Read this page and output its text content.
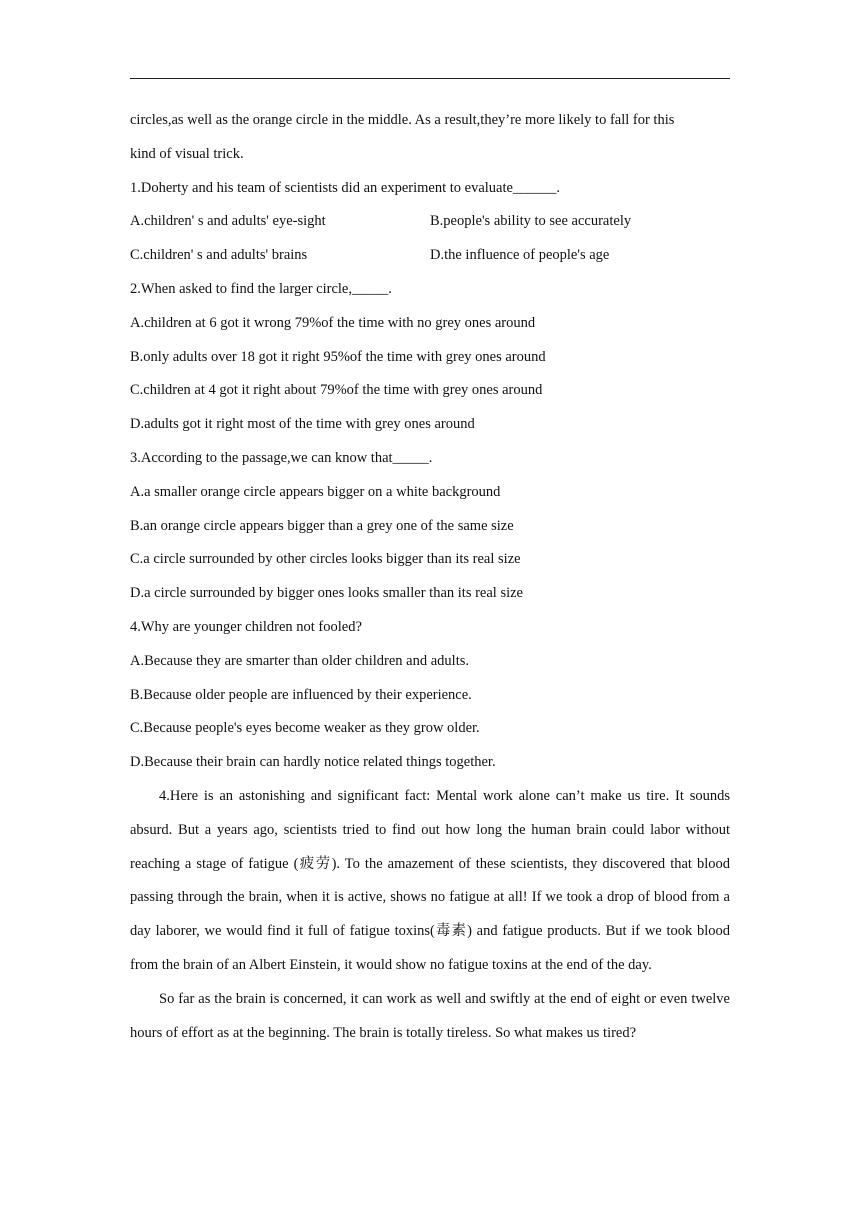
circles,as well as the orange circle in the middle. As a result,they’re more likely to fall for this
kind of visual trick.
1.Doherty and his team of scientists did an experiment to evaluate______.
A.children' s and adults' eye-sight	B.people's ability to see accurately
C.children' s and adults' brains	D.the influence of people's age
2.When asked to find the larger circle,_____.
A.children at 6 got it wrong 79%of the time with no grey ones around
B.only adults over 18 got it right 95%of the time with grey ones around
C.children at 4 got it right about 79%of the time with grey ones around
D.adults got it right most of the time with grey ones around
3.According to the passage,we can know that_____.
A.a smaller orange circle appears bigger on a white background
B.an orange circle appears bigger than a grey one of the same size
C.a circle surrounded by other circles looks bigger than its real size
D.a circle surrounded by bigger ones looks smaller than its real size
4.Why are younger children not fooled?
A.Because they are smarter than older children and adults.
B.Because older people are influenced by their experience.
C.Because people's eyes become weaker as they grow older.
D.Because their brain can hardly notice related things together.

4.Here is an astonishing and significant fact: Mental work alone can’t make us tire. It sounds absurd. But a years ago, scientists tried to find out how long the human brain could labor without reaching a stage of fatigue (疲劳). To the amazement of these scientists, they discovered that blood passing through the brain, when it is active, shows no fatigue at all! If we took a drop of blood from a day laborer, we would find it full of fatigue toxins(毒素) and fatigue products. But if we took blood from the brain of an Albert Einstein, it would show no fatigue toxins at the end of the day.

So far as the brain is concerned, it can work as well and swiftly at the end of eight or even twelve hours of effort as at the beginning. The brain is totally tireless. So what makes us tired?
